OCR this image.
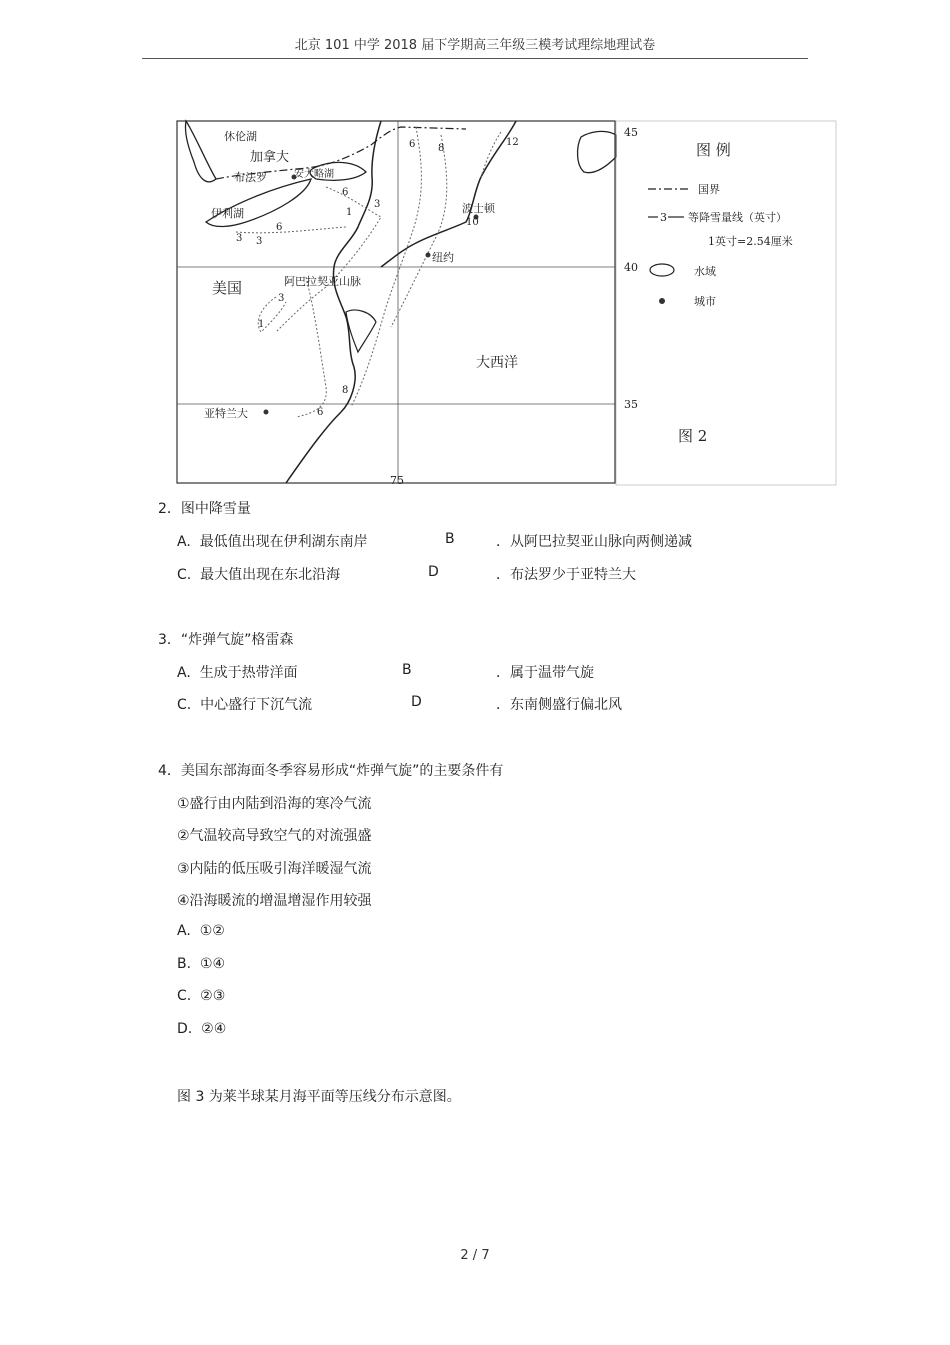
北京 101 中学 2018 届下学期高三年级三模考试理综地理试卷
休伦湖
加拿大
布法罗	安大略湖
伊利湖
美国	阿巴拉契亚山脉
波士顿
纽约
亚特兰大
大西洋
6 8
12
6
3
1
3
10
6
3
3
1
8
6
45
40
35
75
图 例
国界
3 等降雪量线（英寸）
1英寸=2.54厘米
水域
城市
图 2
2．图中降雪量
A. 最低值出现在伊利湖东南岸	B	．从阿巴拉契亚山脉向两侧递减
C. 最大值出现在东北沿海	D	．布法罗少于亚特兰大
3．“炸弹气旋”格雷森
A. 生成于热带洋面	B	．属于温带气旋
C. 中心盛行下沉气流	D	．东南侧盛行偏北风
4．美国东部海面冬季容易形成“炸弹气旋”的主要条件有
①盛行由内陆到沿海的寒冷气流
②气温较高导致空气的对流强盛
③内陆的低压吸引海洋暖湿气流
④沿海暖流的增温增湿作用较强
A. ①②
B. ①④
C. ②③
D. ②④
图 3 为莱半球某月海平面等压线分布示意图。
2 / 7
